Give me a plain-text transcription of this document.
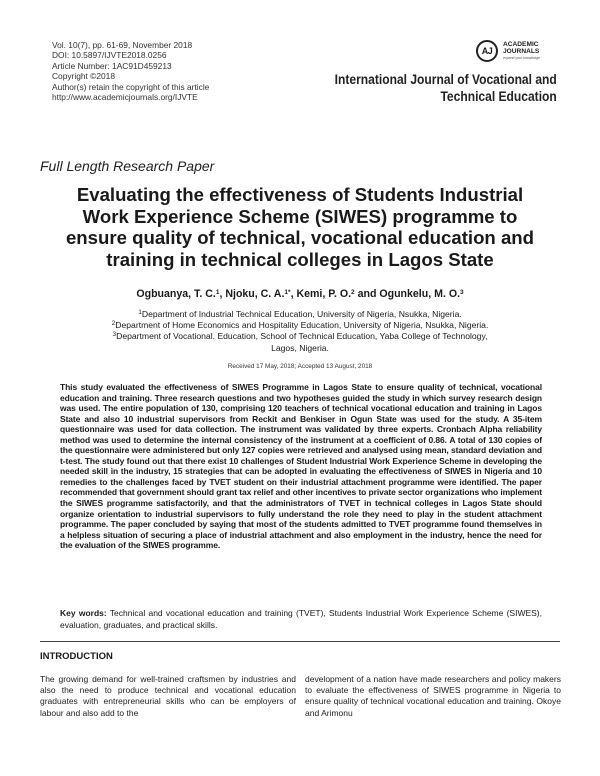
Vol. 10(7), pp. 61-69, November 2018
DOI: 10.5897/IJVTE2018.0256
Article Number: 1AC91D459213
Copyright ©2018
Author(s) retain the copyright of this article
http://www.academicjournals.org/IJVTE
AJ
ACADEMIC
JOURNALS
expand your knowledge
International Journal of Vocational and
Technical Education
Full Length Research Paper
Evaluating the effectiveness of Students Industrial
Work Experience Scheme (SIWES) programme to
ensure quality of technical, vocational education and
training in technical colleges in Lagos State
Ogbuanya, T. C.$^1$, Njoku, C. A.$^{1*}$, Kemi, P. O.$^2$ and Ogunkelu, M. O.$^3$
$^1$Department of Industrial Technical Education, University of Nigeria, Nsukka, Nigeria.
$^2$Department of Home Economics and Hospitality Education, University of Nigeria, Nsukka, Nigeria.
$^3$Department of Vocational. Education, School of Technical Education, Yaba College of Technology,
Lagos, Nigeria.
Received 17 May, 2018; Accepted 13 August, 2018
This study evaluated the effectiveness of SIWES Programme in Lagos State to ensure quality of technical, vocational education and training. Three research questions and two hypotheses guided the study in which survey research design was used. The entire population of 130, comprising 120 teachers of technical vocational education and training in Lagos State and also 10 industrial supervisors from Reckit and Benkiser in Ogun State was used for the study. A 35-item questionnaire was used for data collection. The instrument was validated by three experts. Cronbach Alpha reliability method was used to determine the internal consistency of the instrument at a coefficient of 0.86. A total of 130 copies of the questionnaire were administered but only 127 copies were retrieved and analysed using mean, standard deviation and t-test. The study found out that there exist 10 challenges of Student Industrial Work Experience Scheme in developing the needed skill in the industry, 15 strategies that can be adopted in evaluating the effectiveness of SIWES in Nigeria and 10 remedies to the challenges faced by TVET student on their industrial attachment programme were identified. The paper recommended that government should grant tax relief and other incentives to private sector organizations who implement the SIWES programme satisfactorily, and that the administrators of TVET in technical colleges in Lagos State should organize orientation to industrial supervisors to fully understand the role they need to play in the student attachment programme. The paper concluded by saying that most of the students admitted to TVET programme found themselves in a helpless situation of securing a place of industrial attachment and also employment in the industry, hence the need for the evaluation of the SIWES programme.
Key words: Technical and vocational education and training (TVET), Students Industrial Work Experience Scheme (SIWES), evaluation, graduates, and practical skills.
INTRODUCTION
The growing demand for well-trained craftsmen by industries and also the need to produce technical and vocational education graduates with entrepreneurial skills who can be employers of labour and also add to the
development of a nation have made researchers and policy makers to evaluate the effectiveness of SIWES programme in Nigeria to ensure quality of technical vocational education and training. Okoye and Arimonu
